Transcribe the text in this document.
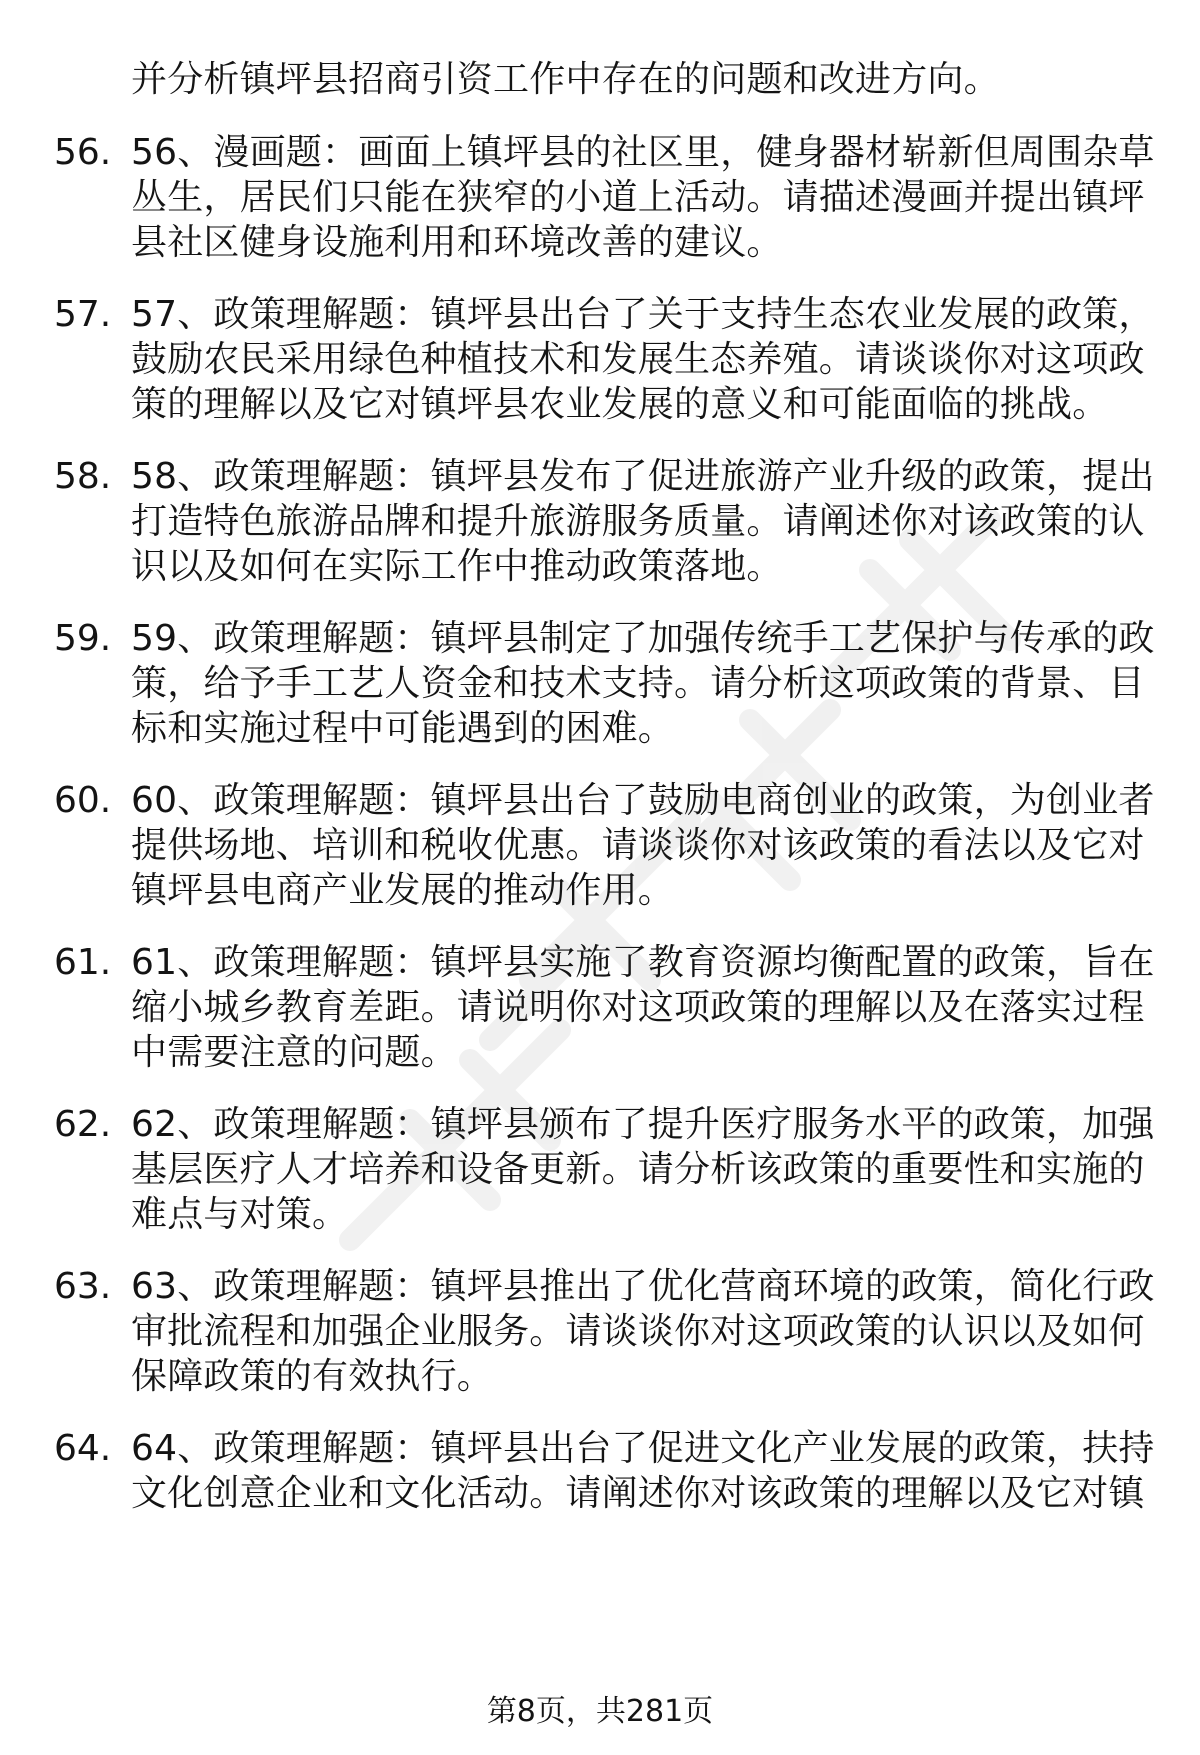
并分析镇坪县招商引资工作中存在的问题和改进方向。
56. 56、漫画题：画面上镇坪县的社区里，健身器材崭新但周围杂草
丛生，居民们只能在狭窄的小道上活动。请描述漫画并提出镇坪
县社区健身设施利用和环境改善的建议。
57. 57、政策理解题：镇坪县出台了关于支持生态农业发展的政策，
鼓励农民采用绿色种植技术和发展生态养殖。请谈谈你对这项政
策的理解以及它对镇坪县农业发展的意义和可能面临的挑战。
58. 58、政策理解题：镇坪县发布了促进旅游产业升级的政策，提出
打造特色旅游品牌和提升旅游服务质量。请阐述你对该政策的认
识以及如何在实际工作中推动政策落地。
59. 59、政策理解题：镇坪县制定了加强传统手工艺保护与传承的政
策，给予手工艺人资金和技术支持。请分析这项政策的背景、目
标和实施过程中可能遇到的困难。
60. 60、政策理解题：镇坪县出台了鼓励电商创业的政策，为创业者
提供场地、培训和税收优惠。请谈谈你对该政策的看法以及它对
镇坪县电商产业发展的推动作用。
61. 61、政策理解题：镇坪县实施了教育资源均衡配置的政策，旨在
缩小城乡教育差距。请说明你对这项政策的理解以及在落实过程
中需要注意的问题。
62. 62、政策理解题：镇坪县颁布了提升医疗服务水平的政策，加强
基层医疗人才培养和设备更新。请分析该政策的重要性和实施的
难点与对策。
63. 63、政策理解题：镇坪县推出了优化营商环境的政策，简化行政
审批流程和加强企业服务。请谈谈你对这项政策的认识以及如何
保障政策的有效执行。
64. 64、政策理解题：镇坪县出台了促进文化产业发展的政策，扶持
文化创意企业和文化活动。请阐述你对该政策的理解以及它对镇
第8页，共281页
